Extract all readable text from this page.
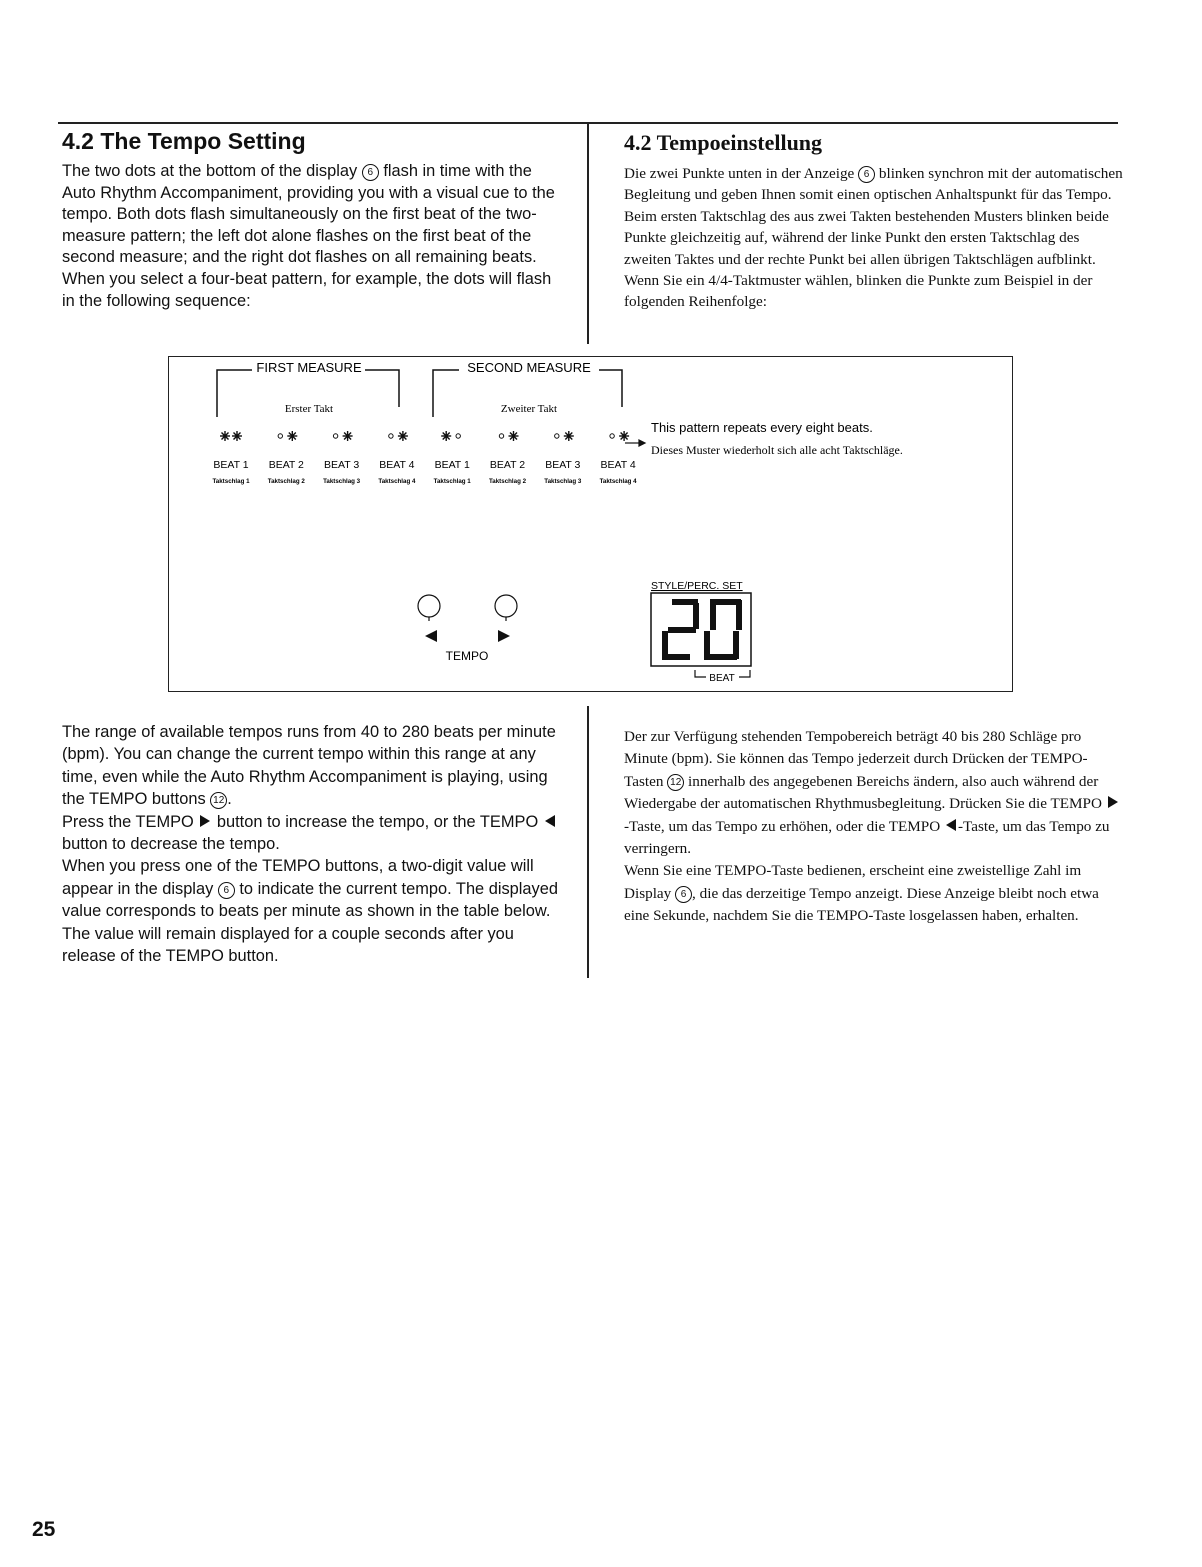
4.2 The Tempo Setting

The two dots at the bottom of the display 6 flash in time with the Auto Rhythm Accompaniment, providing you with a visual cue to the tempo. Both dots flash simultaneously on the first beat of the two-measure pattern; the left dot alone flashes on the first beat of the second measure; and the right dot flashes on all remaining beats.

When you select a four-beat pattern, for example, the dots will flash in the following sequence:

4.2 Tempoeinstellung

Die zwei Punkte unten in der Anzeige 6 blinken synchron mit der automatischen Begleitung und geben Ihnen somit einen optischen Anhaltspunkt für das Tempo. Beim ersten Taktschlag des aus zwei Takten bestehenden Musters blinken beide Punkte gleichzeitig auf, während der linke Punkt den ersten Taktschlag des zweiten Taktes und der rechte Punkt bei allen übrigen Taktschlägen aufblinkt.

Wenn Sie ein 4/4-Taktmuster wählen, blinken die Punkte zum Beispiel in der folgenden Reihenfolge:

FIRST MEASURE
Erster Takt
SECOND MEASURE
Zweiter Takt
BEAT 1
Taktschlag 1
BEAT 2
Taktschlag 2
BEAT 3
Taktschlag 3
BEAT 4
Taktschlag 4
BEAT 1
Taktschlag 1
BEAT 2
Taktschlag 2
BEAT 3
Taktschlag 3
BEAT 4
Taktschlag 4
This pattern repeats every eight beats.
Dieses Muster wiederholt sich alle acht Taktschläge.
TEMPO
STYLE/PERC. SET
20
BEAT

The range of available tempos runs from 40 to 280 beats per minute (bpm). You can change the current tempo within this range at any time, even while the Auto Rhythm Accompaniment is playing, using the TEMPO buttons 12 .

Press the TEMPO  button to increase the tempo, or the TEMPO  button to decrease the tempo.

When you press one of the TEMPO buttons, a two-digit value will appear in the display 6 to indicate the current tempo. The displayed value corresponds to beats per minute as shown in the table below. The value will remain displayed for a couple seconds after you release of the TEMPO button.

Der zur Verfügung stehenden Tempobereich beträgt 40 bis 280 Schläge pro Minute (bpm). Sie können das Tempo jederzeit durch Drücken der TEMPO-Tasten 12 innerhalb des angegebenen Bereichs ändern, also auch während der Wiedergabe der automatischen Rhythmusbegleitung. Drücken Sie die TEMPO -Taste, um das Tempo zu erhöhen, oder die TEMPO -Taste, um das Tempo zu verringern.

Wenn Sie eine TEMPO-Taste bedienen, erscheint eine zweistellige Zahl im Display 6 , die das derzeitige Tempo anzeigt. Diese Anzeige bleibt noch etwa eine Sekunde, nachdem Sie die TEMPO-Taste losgelassen haben, erhalten.

25
